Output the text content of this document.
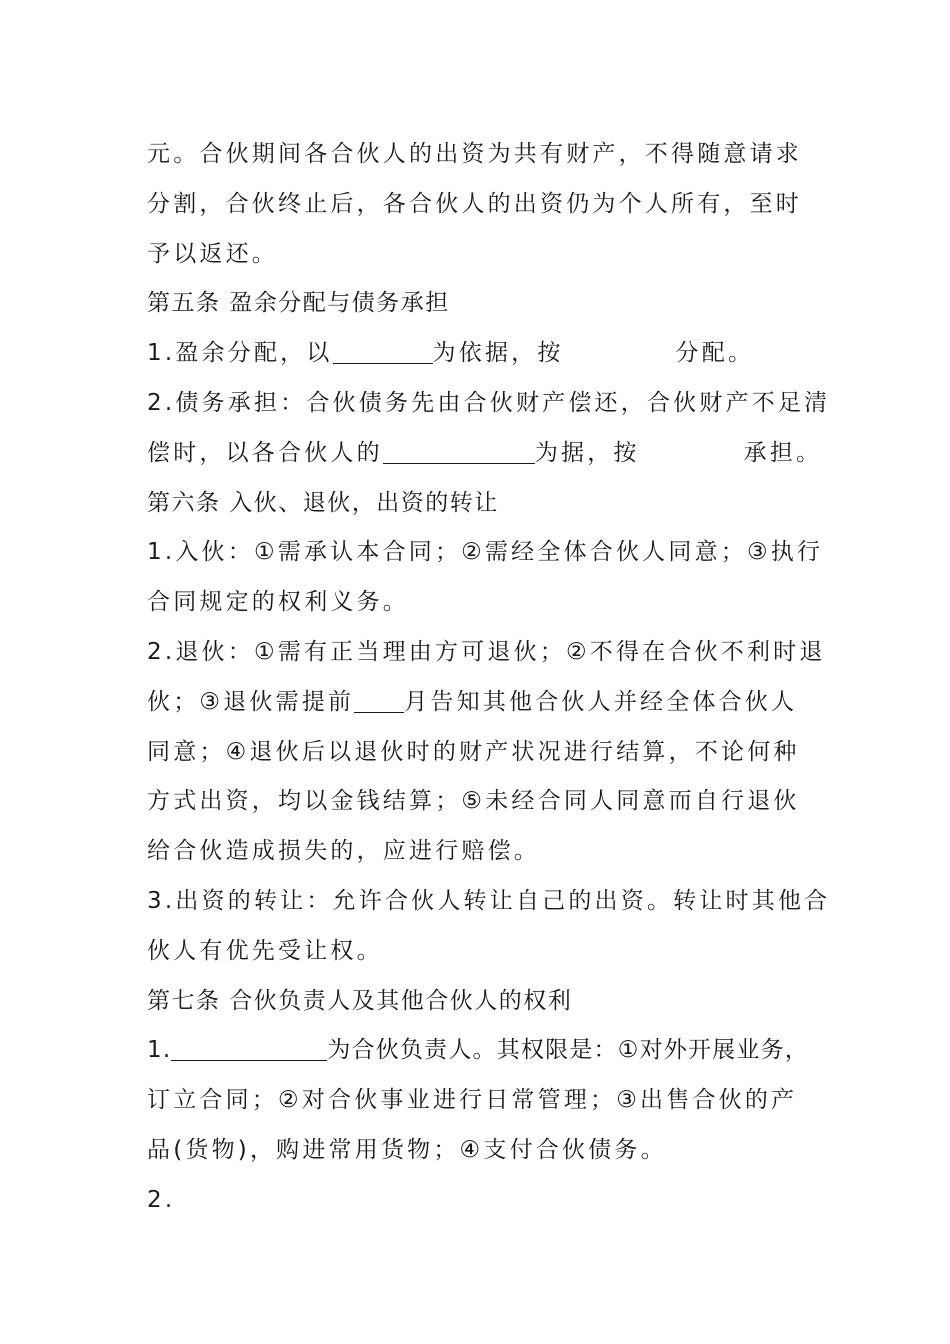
元。合伙期间各合伙人的出资为共有财产，不得随意请求
分割，合伙终止后，各合伙人的出资仍为个人所有，至时
予以返还。
第五条 盈余分配与债务承担
1.盈余分配，以	为依据，按	分配。
2.债务承担：合伙债务先由合伙财产偿还，合伙财产不足清
偿时，以各合伙人的	为据，按	承担。
第六条 入伙、退伙，出资的转让
1.入伙：①需承认本合同；②需经全体合伙人同意；③执行
合同规定的权利义务。
2.退伙：①需有正当理由方可退伙；②不得在合伙不利时退
伙；③退伙需提前 月告知其他合伙人并经全体合伙人
同意；④退伙后以退伙时的财产状况进行结算，不论何种
方式出资，均以金钱结算；⑤未经合同人同意而自行退伙
给合伙造成损失的，应进行赔偿。
3.出资的转让：允许合伙人转让自己的出资。转让时其他合
伙人有优先受让权。
第七条 合伙负责人及其他合伙人的权利
1.	为合伙负责人。其权限是：①对外开展业务，
订立合同；②对合伙事业进行日常管理；③出售合伙的产
品(货物)，购进常用货物；④支付合伙债务。
2.
